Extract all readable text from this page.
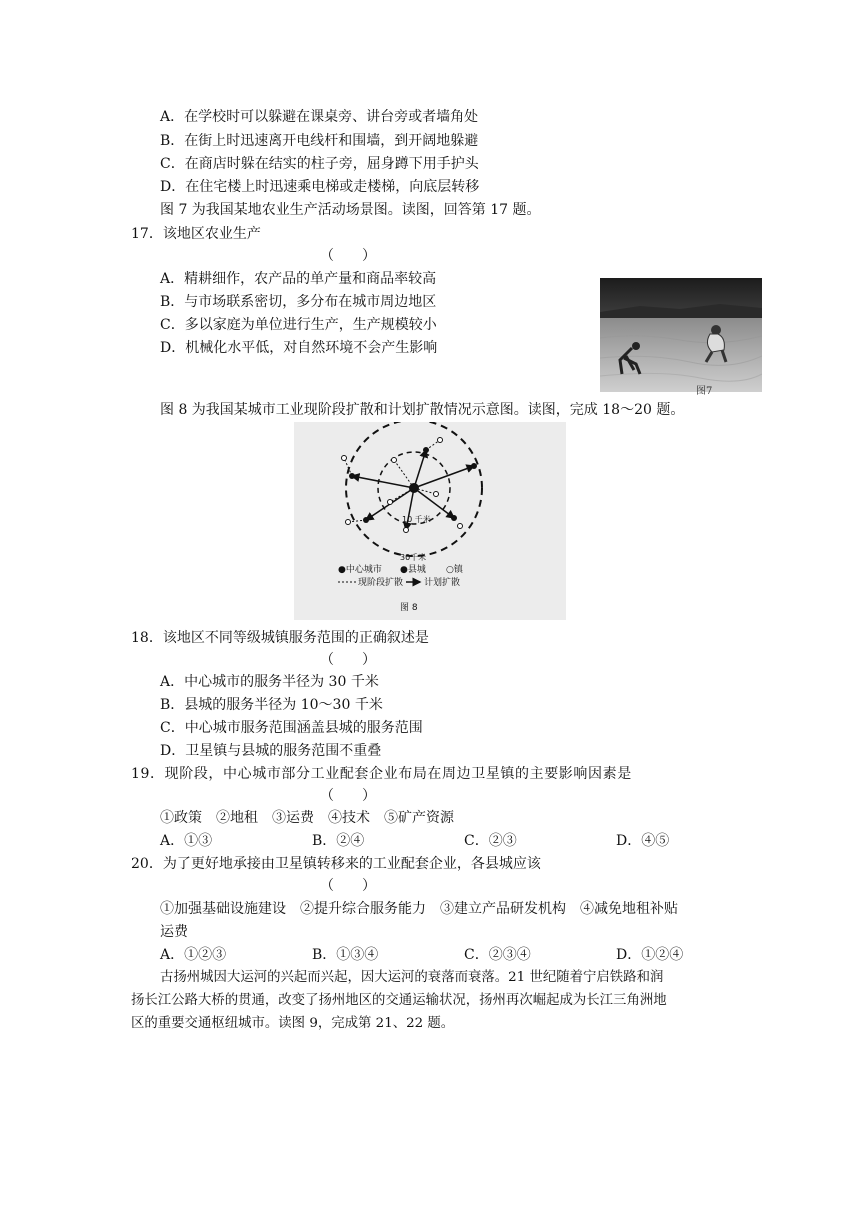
A．在学校时可以躲避在课桌旁、讲台旁或者墙角处
B．在街上时迅速离开电线杆和围墙，到开阔地躲避
C．在商店时躲在结实的柱子旁，屈身蹲下用手护头
D．在住宅楼上时迅速乘电梯或走楼梯，向底层转移
图 7 为我国某地农业生产活动场景图。读图，回答第 17 题。
17．该地区农业生产
（　　）
A．精耕细作，农产品的单产量和商品率较高
B．与市场联系密切，多分布在城市周边地区
C．多以家庭为单位进行生产，生产规模较小
D．机械化水平低，对自然环境不会产生影响
图7
图 8 为我国某城市工业现阶段扩散和计划扩散情况示意图。读图，完成 18～20 题。
10 千米
30千米
●中心城市 ●县城 ○镇
现阶段扩散 计划扩散
图 8
18．该地区不同等级城镇服务范围的正确叙述是
（　　）
A．中心城市的服务半径为 30 千米
B．县城的服务半径为 10～30 千米
C．中心城市服务范围涵盖县城的服务范围
D．卫星镇与县城的服务范围不重叠
19．现阶段，中心城市部分工业配套企业布局在周边卫星镇的主要影响因素是
（　　）
①政策　②地租　③运费　④技术　⑤矿产资源
A．①③	B．②④	C．②③	D．④⑤
20．为了更好地承接由卫星镇转移来的工业配套企业，各县城应该
（　　）
①加强基础设施建设　②提升综合服务能力　③建立产品研发机构　④减免地租补贴
运费
A．①②③	B．①③④	C．②③④	D．①②④
古扬州城因大运河的兴起而兴起，因大运河的衰落而衰落。21 世纪随着宁启铁路和润
扬长江公路大桥的贯通，改变了扬州地区的交通运输状况，扬州再次崛起成为长江三角洲地
区的重要交通枢纽城市。读图 9，完成第 21、22 题。
